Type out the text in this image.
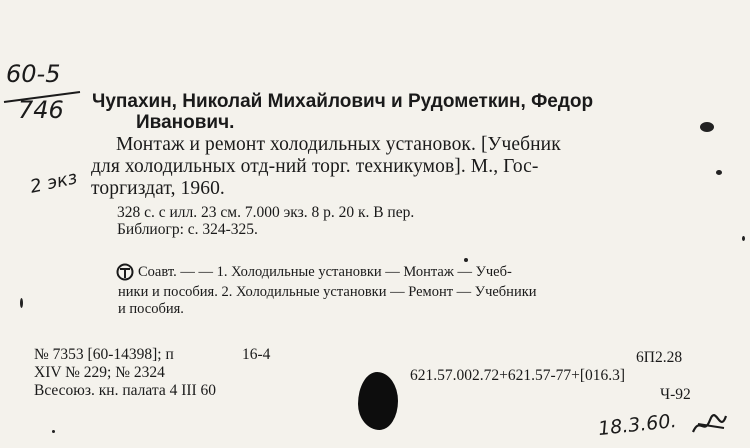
60-5
746
2 экз
Чупахин, Николай Михайлович и Рудометкин, Федор
Иванович.
Монтаж и ремонт холодильных установок. [Учебник
для холодильных отд-ний торг. техникумов]. М., Гос-
торгиздат, 1960.
328 с. с илл. 23 см. 7.000 экз. 8 р. 20 к. В пер.
Библиогр: с. 324-325.
Соавт. — — 1. Холодильные установки — Монтаж — Учеб-
ники и пособия. 2. Холодильные установки — Ремонт — Учебники
и пособия.
№ 7353 [60-14398]; п	16-4
XIV № 229; № 2324
Всесоюз. кн. палата 4 III 60
6П2.28
621.57.002.72+621.57-77+[016.3]
Ч-92
18.3.60.
